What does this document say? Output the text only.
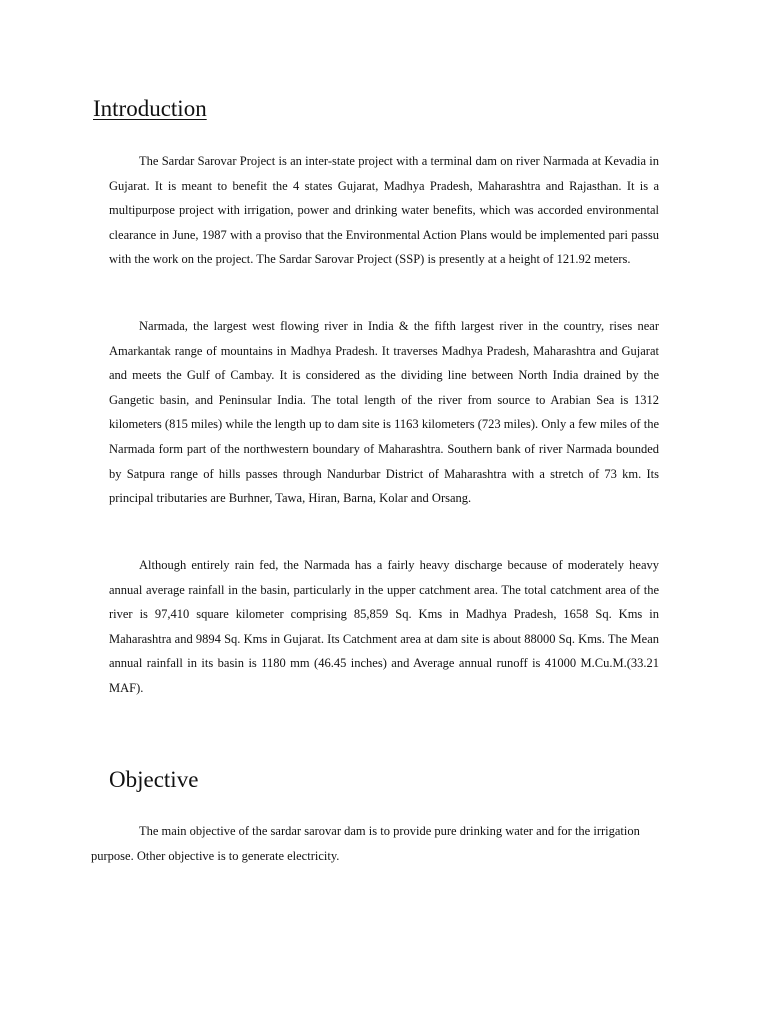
Introduction

The Sardar Sarovar Project is an inter-state project with a terminal dam on river Narmada at Kevadia in Gujarat. It is meant to benefit the 4 states Gujarat, Madhya Pradesh, Maharashtra and Rajasthan. It is a multipurpose project with irrigation, power and drinking water benefits, which was accorded environmental clearance in June, 1987 with a proviso that the Environmental Action Plans would be implemented pari passu with the work on the project. The Sardar Sarovar Project (SSP) is presently at a height of 121.92 meters.

Narmada, the largest west flowing river in India & the fifth largest river in the country, rises near Amarkantak range of mountains in Madhya Pradesh. It traverses Madhya Pradesh, Maharashtra and Gujarat and meets the Gulf of Cambay. It is considered as the dividing line between North India drained by the Gangetic basin, and Peninsular India. The total length of the river from source to Arabian Sea is 1312 kilometers (815 miles) while the length up to dam site is 1163 kilometers (723 miles). Only a few miles of the Narmada form part of the northwestern boundary of Maharashtra. Southern bank of river Narmada bounded by Satpura range of hills passes through Nandurbar District of Maharashtra with a stretch of 73 km. Its principal tributaries are Burhner, Tawa, Hiran, Barna, Kolar and Orsang.

Although entirely rain fed, the Narmada has a fairly heavy discharge because of moderately heavy annual average rainfall in the basin, particularly in the upper catchment area. The total catchment area of the river is 97,410 square kilometer comprising 85,859 Sq. Kms in Madhya Pradesh, 1658 Sq. Kms in Maharashtra and 9894 Sq. Kms in Gujarat. Its Catchment area at dam site is about 88000 Sq. Kms. The Mean annual rainfall in its basin is 1180 mm (46.45 inches) and Average annual runoff is 41000 M.Cu.M.(33.21 MAF).

Objective

The main objective of the sardar sarovar dam is to provide pure drinking water and for the irrigation purpose. Other objective is to generate electricity.
